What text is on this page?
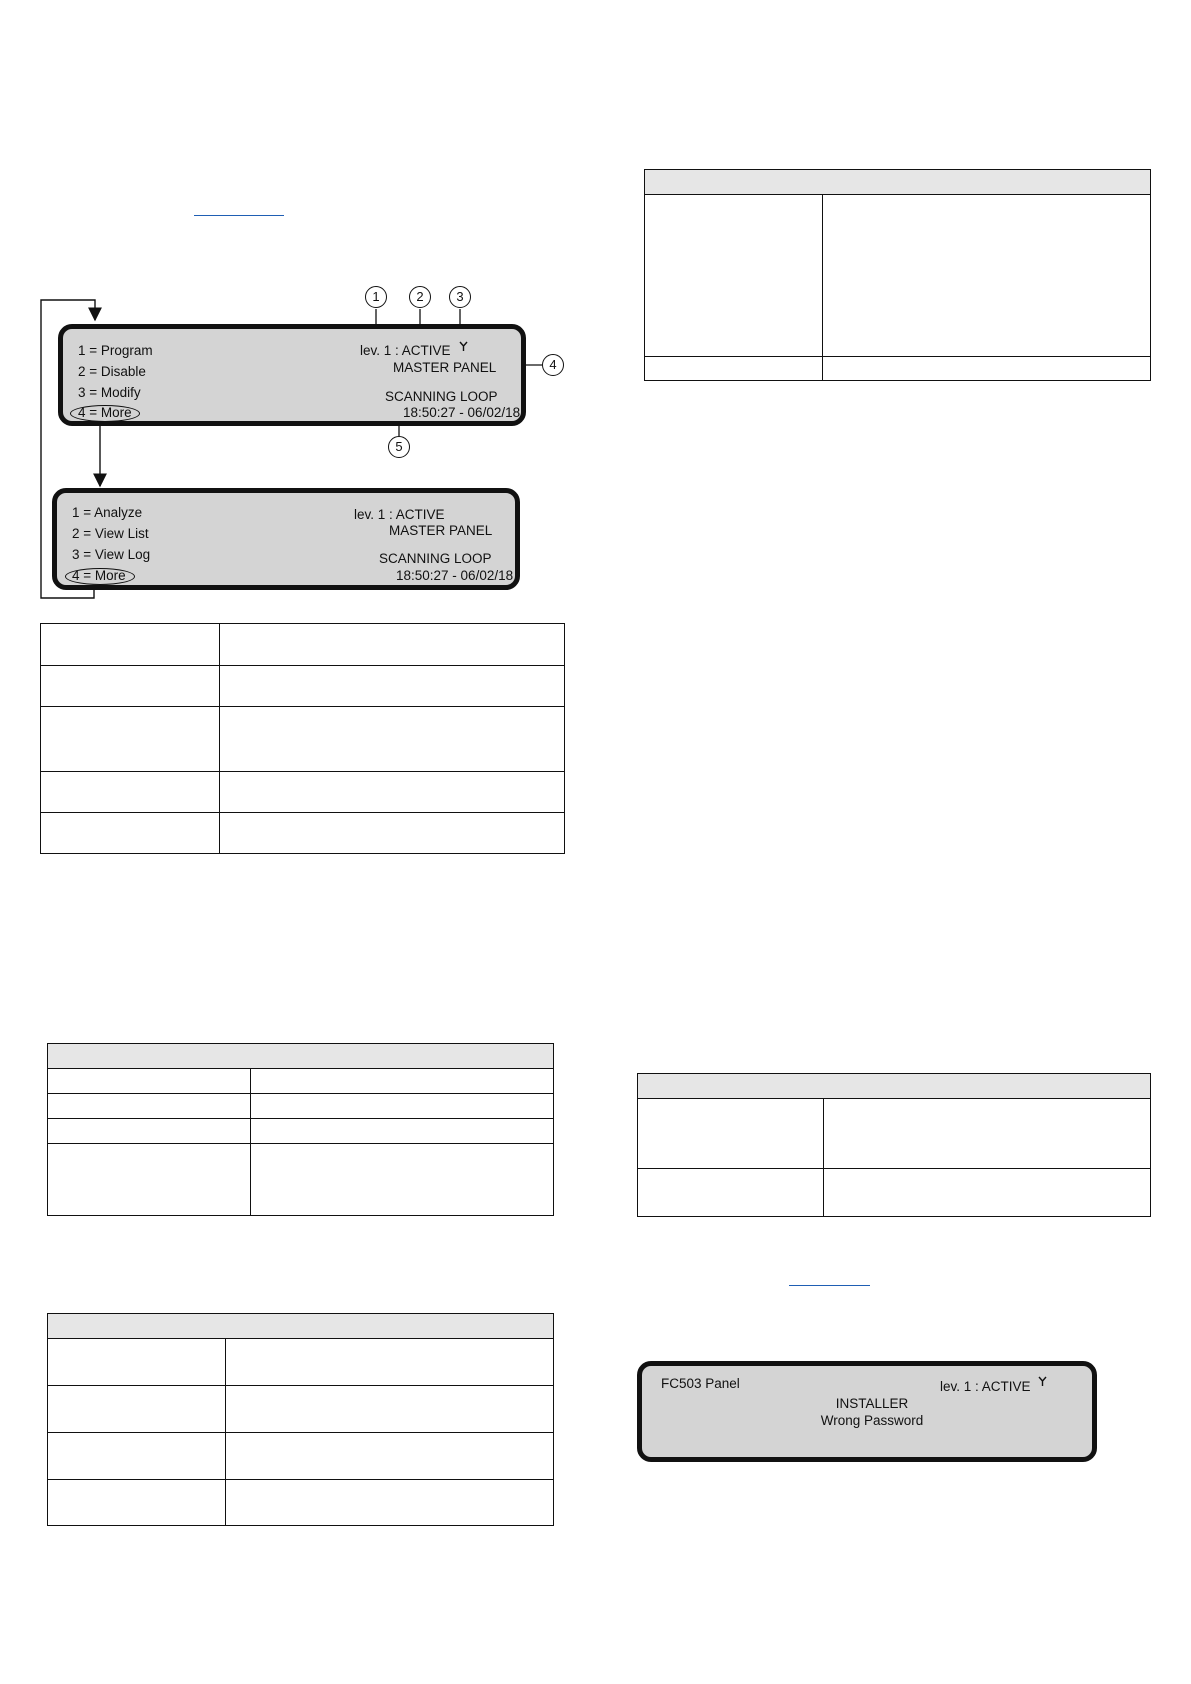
1	2	3
4
5
1 = Program
2 = Disable
3 = Modify
4 = More
lev. 1 : ACTIVE
MASTER PANEL
SCANNING LOOP
18:50:27 - 06/02/18
1 = Analyze
2 = View List
3 = View Log
4 = More
lev. 1 : ACTIVE
MASTER PANEL
SCANNING LOOP
18:50:27 - 06/02/18
FC503 Panel	lev. 1 : ACTIVE
INSTALLER
Wrong Password
